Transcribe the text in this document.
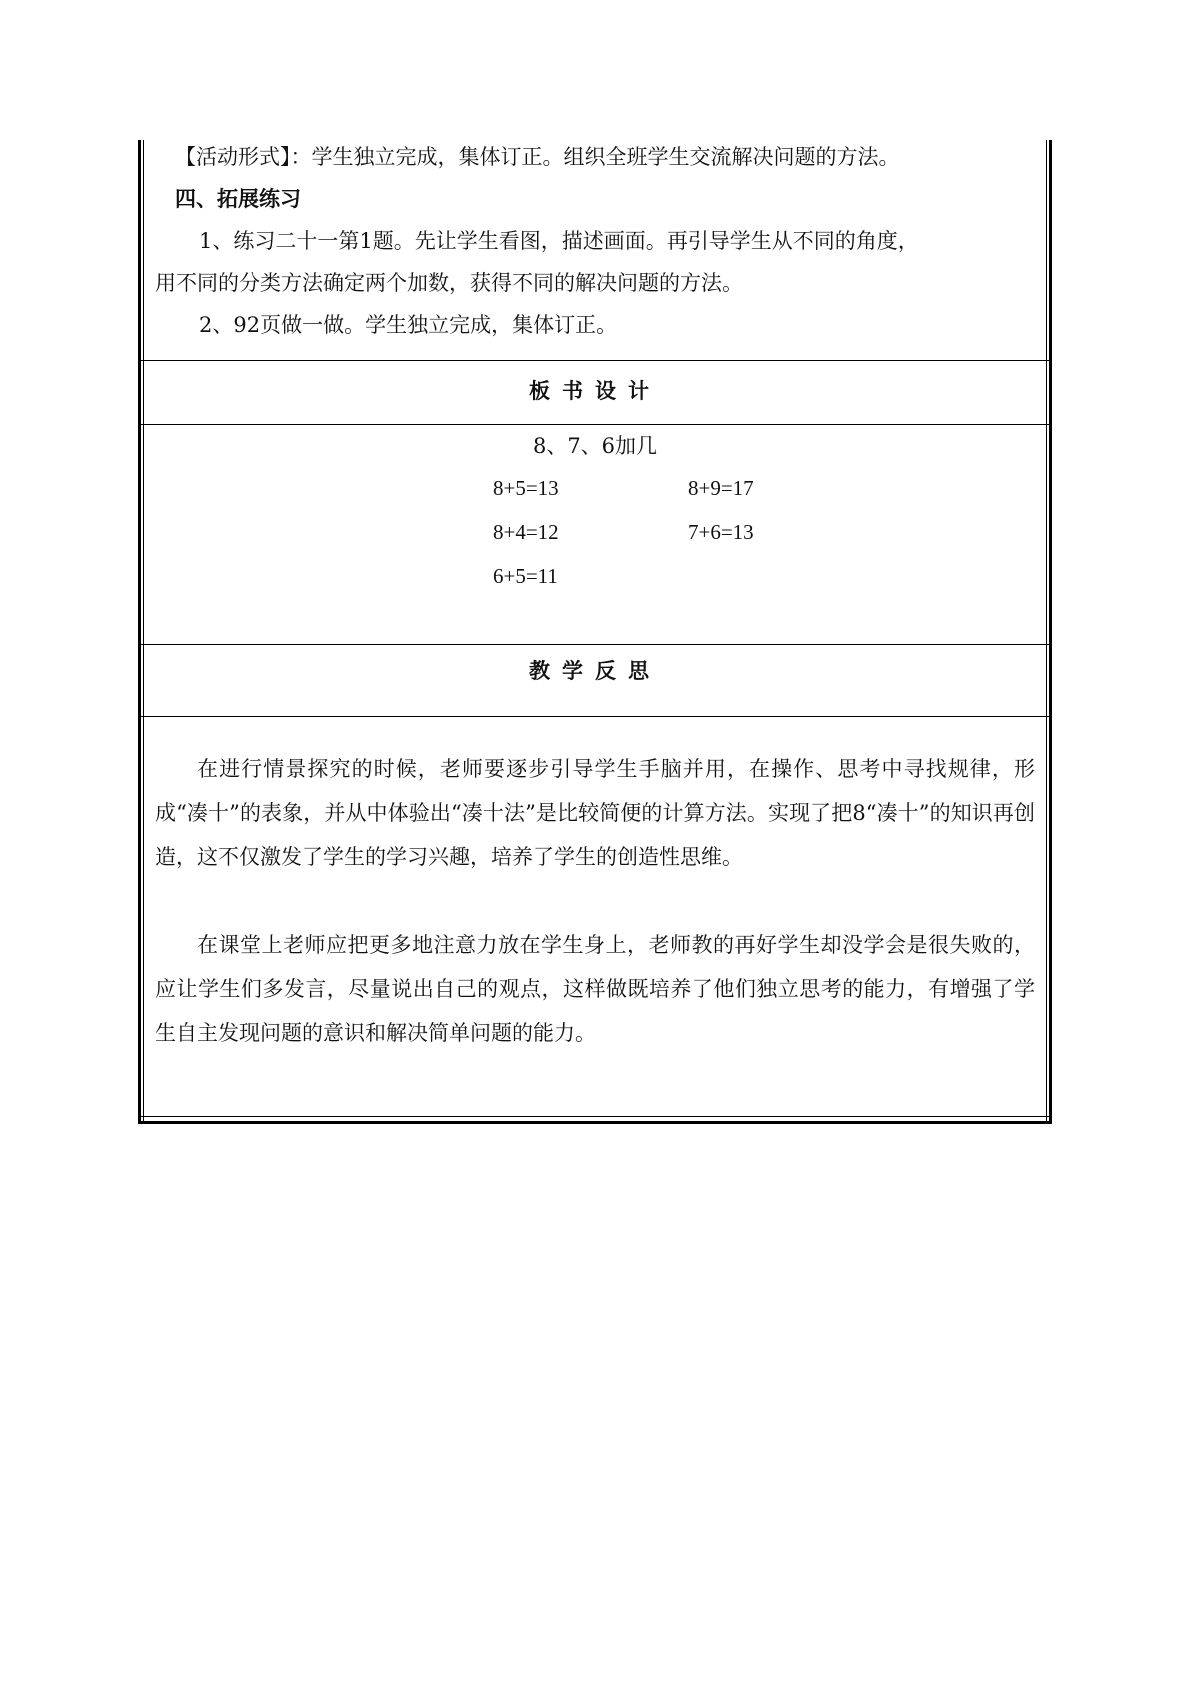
【活动形式】：学生独立完成，集体订正。组织全班学生交流解决问题的方法。
四、拓展练习
1、练习二十一第1题。先让学生看图，描述画面。再引导学生从不同的角度，
用不同的分类方法确定两个加数，获得不同的解决问题的方法。
2、92页做一做。学生独立完成，集体订正。
板书设计
8、7、6加几
8+5=13	8+9=17
8+4=12	7+6=13
6+5=11
教学反思
在进行情景探究的时候，老师要逐步引导学生手脑并用，在操作、思考中寻找规律，形成“凑十”的表象，并从中体验出“凑十法”是比较简便的计算方法。实现了把8“凑十”的知识再创造，这不仅激发了学生的学习兴趣，培养了学生的创造性思维。
在课堂上老师应把更多地注意力放在学生身上，老师教的再好学生却没学会是很失败的，应让学生们多发言，尽量说出自己的观点，这样做既培养了他们独立思考的能力，有增强了学生自主发现问题的意识和解决简单问题的能力。
